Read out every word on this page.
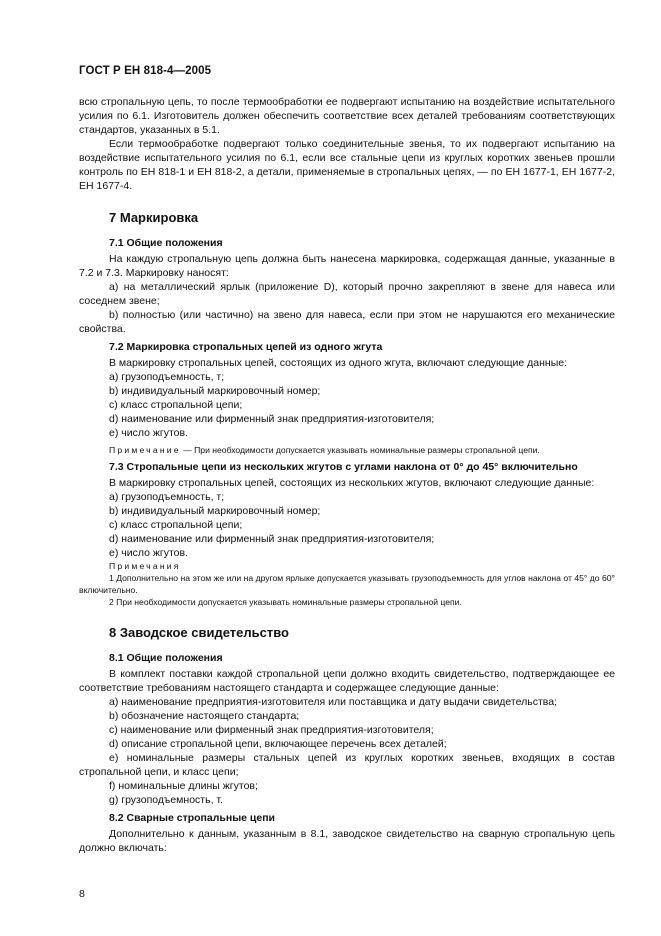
ГОСТ Р ЕН 818-4—2005

всю стропальную цепь, то после термообработки ее подвергают испытанию на воздействие испытательного усилия по 6.1. Изготовитель должен обеспечить соответствие всех деталей требованиям соответствующих стандартов, указанных в 5.1.

Если термообработке подвергают только соединительные звенья, то их подвергают испытанию на воздействие испытательного усилия по 6.1, если все стальные цепи из круглых коротких звеньев прошли контроль по ЕН 818-1 и ЕН 818-2, а детали, применяемые в стропальных цепях, — по ЕН 1677-1, ЕН 1677-2, ЕН 1677-4.

7 Маркировка
7.1 Общие положения

На каждую стропальную цепь должна быть нанесена маркировка, содержащая данные, указанные в 7.2 и 7.3. Маркировку наносят:

a) на металлический ярлык (приложение D), который прочно закрепляют в звене для навеса или соседнем звене;

b) полностью (или частично) на звено для навеса, если при этом не нарушаются его механические свойства.

7.2 Маркировка стропальных цепей из одного жгута

В маркировку стропальных цепей, состоящих из одного жгута, включают следующие данные:

a) грузоподъемность, т;

b) индивидуальный маркировочный номер;

c) класс стропальной цепи;

d) наименование или фирменный знак предприятия-изготовителя;

e) число жгутов.

Примечание — При необходимости допускается указывать номинальные размеры стропальной цепи.

7.3 Стропальные цепи из нескольких жгутов с углами наклона от 0° до 45° включительно

В маркировку стропальных цепей, состоящих из нескольких жгутов, включают следующие данные:

a) грузоподъемность, т;

b) индивидуальный маркировочный номер;

c) класс стропальной цепи;

d) наименование или фирменный знак предприятия-изготовителя;

e) число жгутов.

Примечания

1 Дополнительно на этом же или на другом ярлыке допускается указывать грузоподъемность для углов наклона от 45° до 60° включительно.

2 При необходимости допускается указывать номинальные размеры стропальной цепи.

8 Заводское свидетельство
8.1 Общие положения

В комплект поставки каждой стропальной цепи должно входить свидетельство, подтверждающее ее соответствие требованиям настоящего стандарта и содержащее следующие данные:

a) наименование предприятия-изготовителя или поставщика и дату выдачи свидетельства;

b) обозначение настоящего стандарта;

c) наименование или фирменный знак предприятия-изготовителя;

d) описание стропальной цепи, включающее перечень всех деталей;

e) номинальные размеры стальных цепей из круглых коротких звеньев, входящих в состав стропальной цепи, и класс цепи;

f) номинальные длины жгутов;

g) грузоподъемность, т.

8.2 Сварные стропальные цепи

Дополнительно к данным, указанным в 8.1, заводское свидетельство на сварную стропальную цепь должно включать:

8
